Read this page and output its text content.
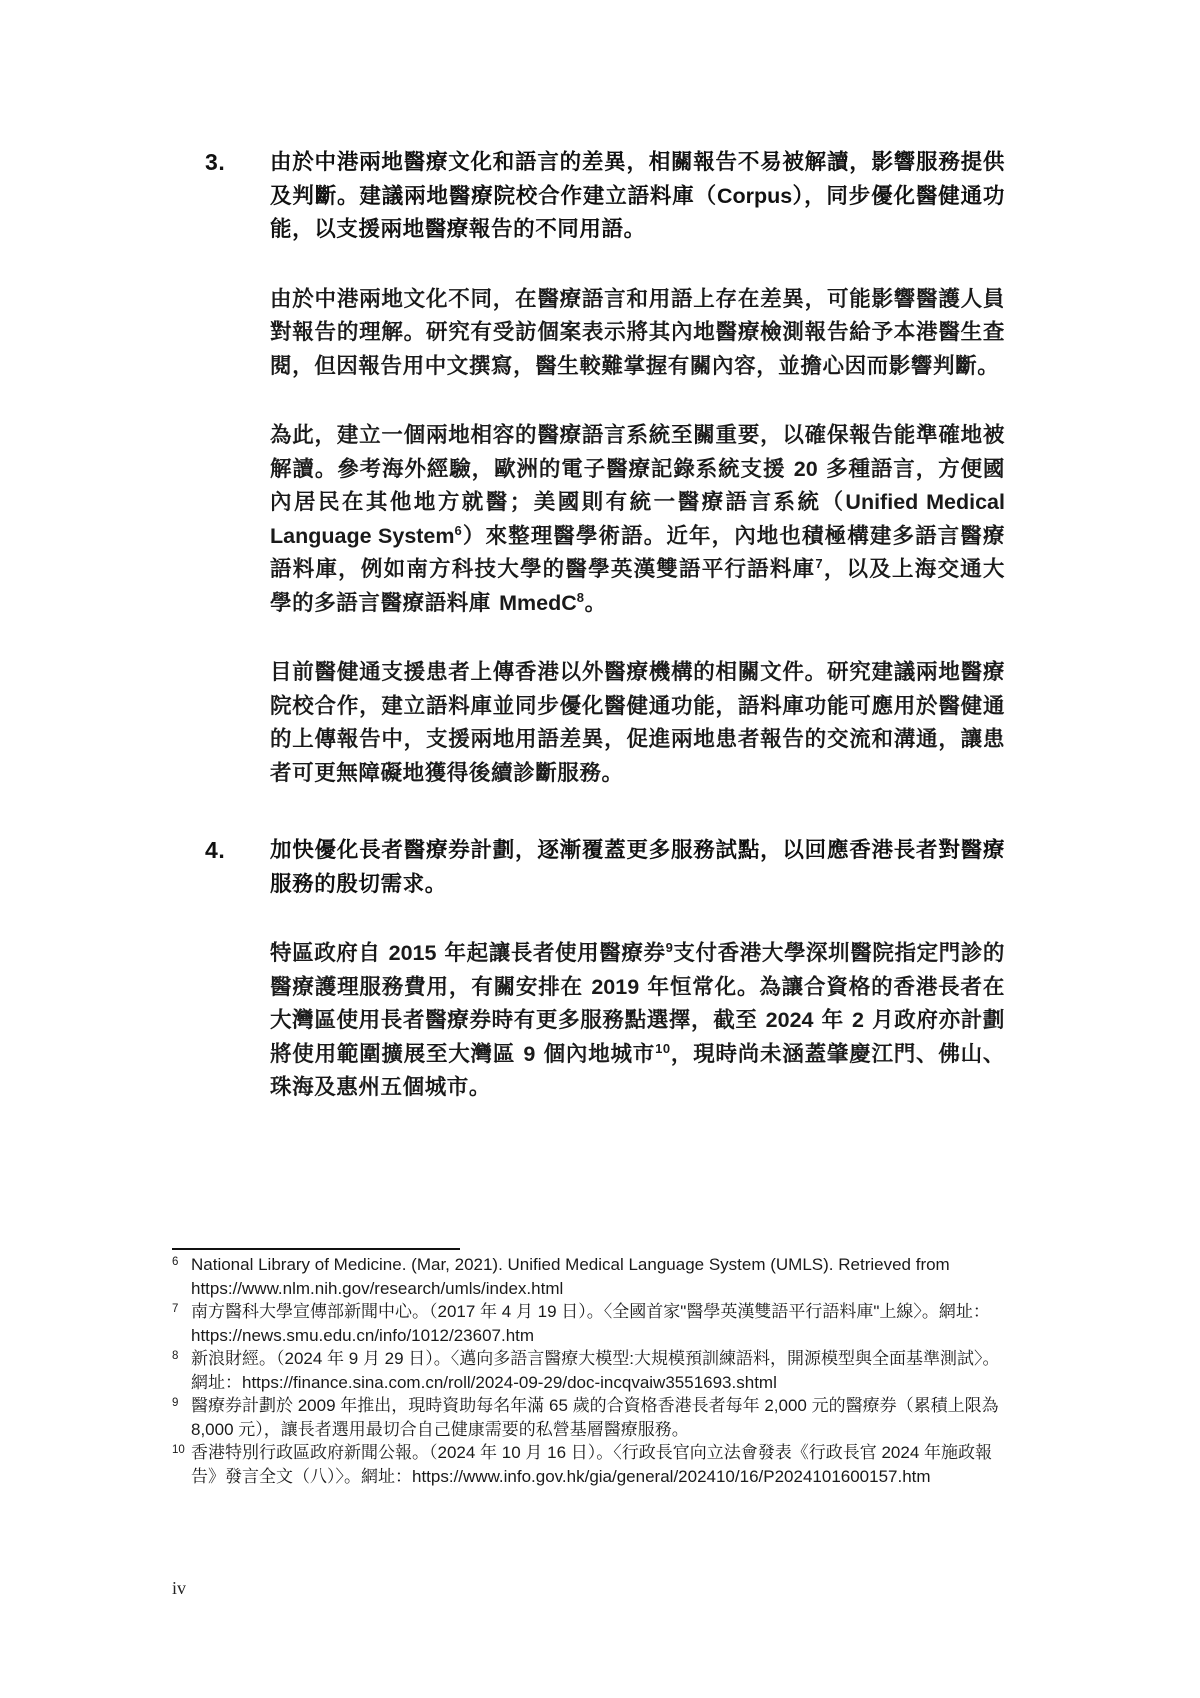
3. 由於中港兩地醫療文化和語言的差異，相關報告不易被解讀，影響服務提供及判斷。建議兩地醫療院校合作建立語料庫（Corpus），同步優化醫健通功能，以支援兩地醫療報告的不同用語。
由於中港兩地文化不同，在醫療語言和用語上存在差異，可能影響醫護人員對報告的理解。研究有受訪個案表示將其內地醫療檢測報告給予本港醫生查閱，但因報告用中文撰寫，醫生較難掌握有關內容，並擔心因而影響判斷。
為此，建立一個兩地相容的醫療語言系統至關重要，以確保報告能準確地被解讀。參考海外經驗，歐洲的電子醫療記錄系統支援 20 多種語言，方便國內居民在其他地方就醫；美國則有統一醫療語言系統（Unified Medical Language System$^6$）來整理醫學術語。近年，內地也積極構建多語言醫療語料庫，例如南方科技大學的醫學英漢雙語平行語料庫$^7$，以及上海交通大學的多語言醫療語料庫 MmedC$^8$。
目前醫健通支援患者上傳香港以外醫療機構的相關文件。研究建議兩地醫療院校合作，建立語料庫並同步優化醫健通功能，語料庫功能可應用於醫健通的上傳報告中，支援兩地用語差異，促進兩地患者報告的交流和溝通，讓患者可更無障礙地獲得後續診斷服務。
4. 加快優化長者醫療券計劃，逐漸覆蓋更多服務試點，以回應香港長者對醫療服務的殷切需求。
特區政府自 2015 年起讓長者使用醫療券$^9$支付香港大學深圳醫院指定門診的醫療護理服務費用，有關安排在 2019 年恒常化。為讓合資格的香港長者在大灣區使用長者醫療券時有更多服務點選擇，截至 2024 年 2 月政府亦計劃將使用範圍擴展至大灣區 9 個內地城市$^{10}$，現時尚未涵蓋肇慶江門、佛山、珠海及惠州五個城市。
6 National Library of Medicine. (Mar, 2021). Unified Medical Language System (UMLS). Retrieved from https://www.nlm.nih.gov/research/umls/index.html
7 南方醫科大學宣傳部新聞中心。（2017 年 4 月 19 日）。〈全國首家"醫學英漢雙語平行語料庫"上線〉。網址：https://news.smu.edu.cn/info/1012/23607.htm
8 新浪財經。（2024 年 9 月 29 日）。〈邁向多語言醫療大模型:大規模預訓練語料，開源模型與全面基準測試〉。網址：https://finance.sina.com.cn/roll/2024-09-29/doc-incqvaiw3551693.shtml
9 醫療券計劃於 2009 年推出，現時資助每名年滿 65 歲的合資格香港長者每年 2,000 元的醫療券（累積上限為 8,000 元），讓長者選用最切合自己健康需要的私營基層醫療服務。
10 香港特別行政區政府新聞公報。（2024 年 10 月 16 日）。〈行政長官向立法會發表《行政長官 2024 年施政報告》發言全文（八）〉。網址：https://www.info.gov.hk/gia/general/202410/16/P2024101600157.htm
iv
